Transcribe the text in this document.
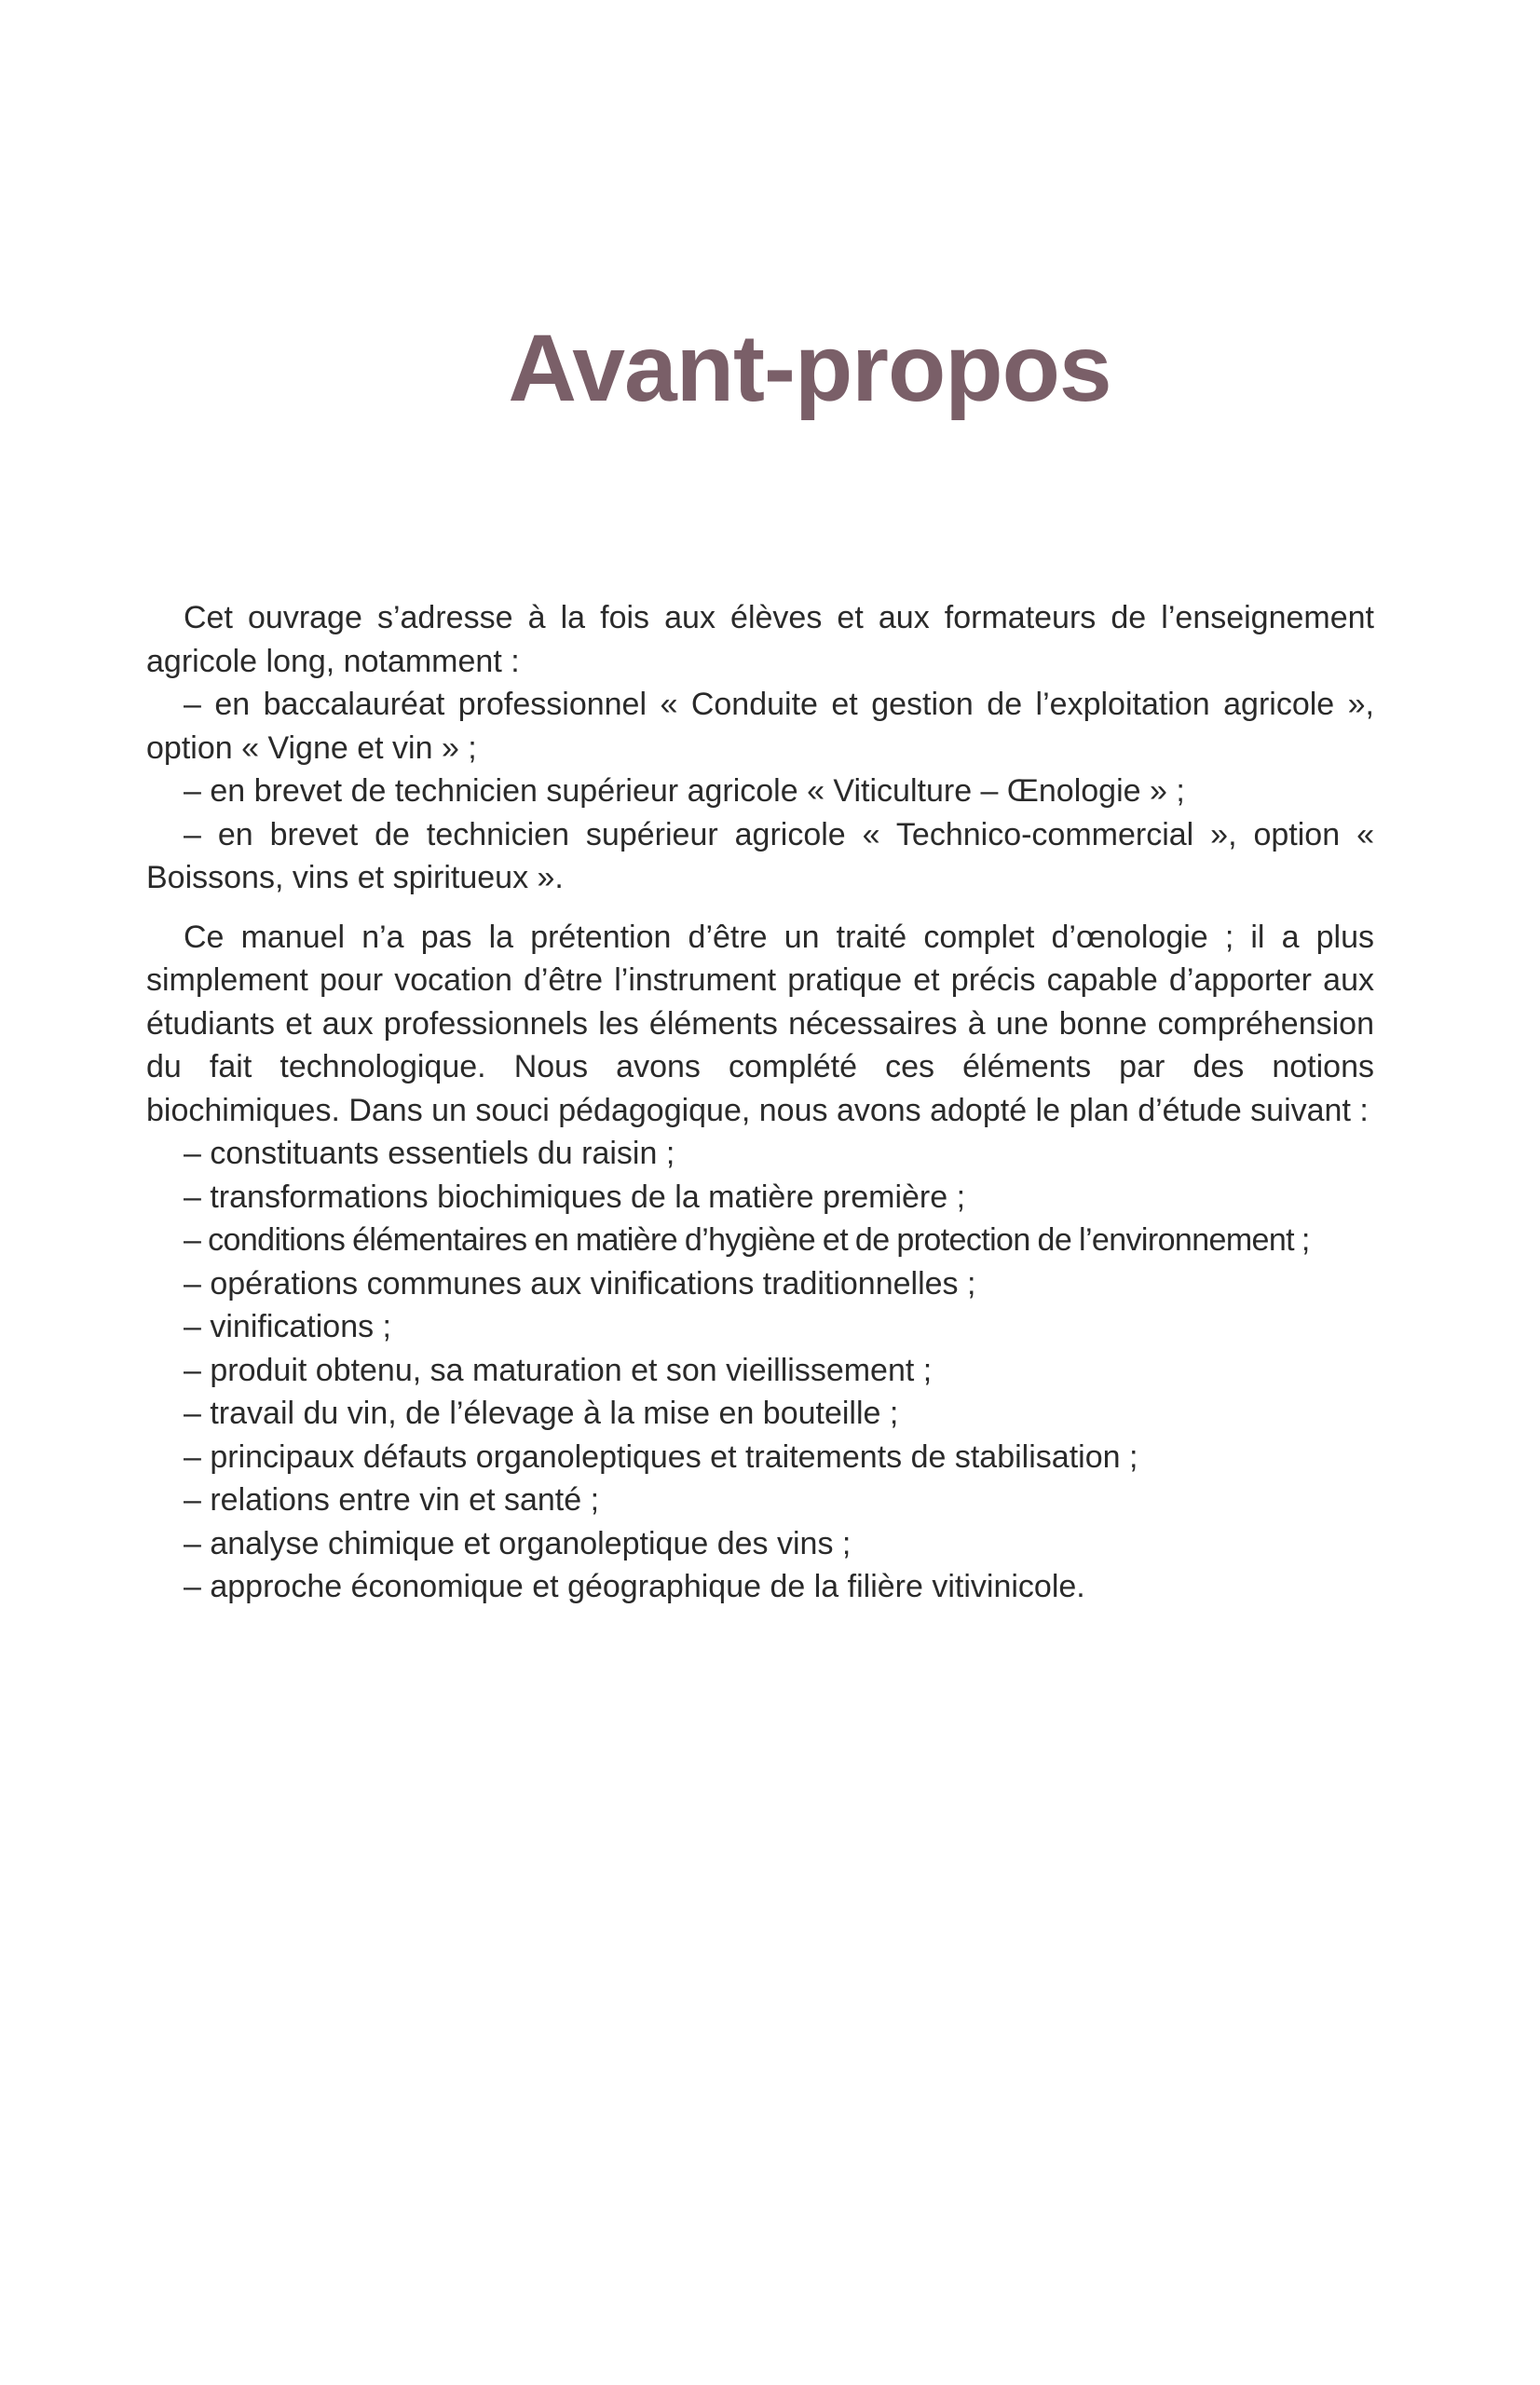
Avant-propos

Cet ouvrage s’adresse à la fois aux élèves et aux formateurs de l’enseignement agricole long, notamment :

– en baccalauréat professionnel « Conduite et gestion de l’exploitation agricole », option « Vigne et vin » ;
– en brevet de technicien supérieur agricole « Viticulture – Œnologie » ;
– en brevet de technicien supérieur agricole « Technico-commercial », option « Boissons, vins et spiritueux ».

Ce manuel n’a pas la prétention d’être un traité complet d’œnologie ; il a plus simplement pour vocation d’être l’instrument pratique et précis capable d’apporter aux étudiants et aux professionnels les éléments nécessaires à une bonne compréhension du fait technologique. Nous avons complété ces éléments par des notions biochimiques. Dans un souci pédagogique, nous avons adopté le plan d’étude suivant :

– constituants essentiels du raisin ;
– transformations biochimiques de la matière première ;
– conditions élémentaires en matière d’hygiène et de protection de l’environnement ;
– opérations communes aux vinifications traditionnelles ;
– vinifications ;
– produit obtenu, sa maturation et son vieillissement ;
– travail du vin, de l’élevage à la mise en bouteille ;
– principaux défauts organoleptiques et traitements de stabilisation ;
– relations entre vin et santé ;
– analyse chimique et organoleptique des vins ;
– approche économique et géographique de la filière vitivinicole.
